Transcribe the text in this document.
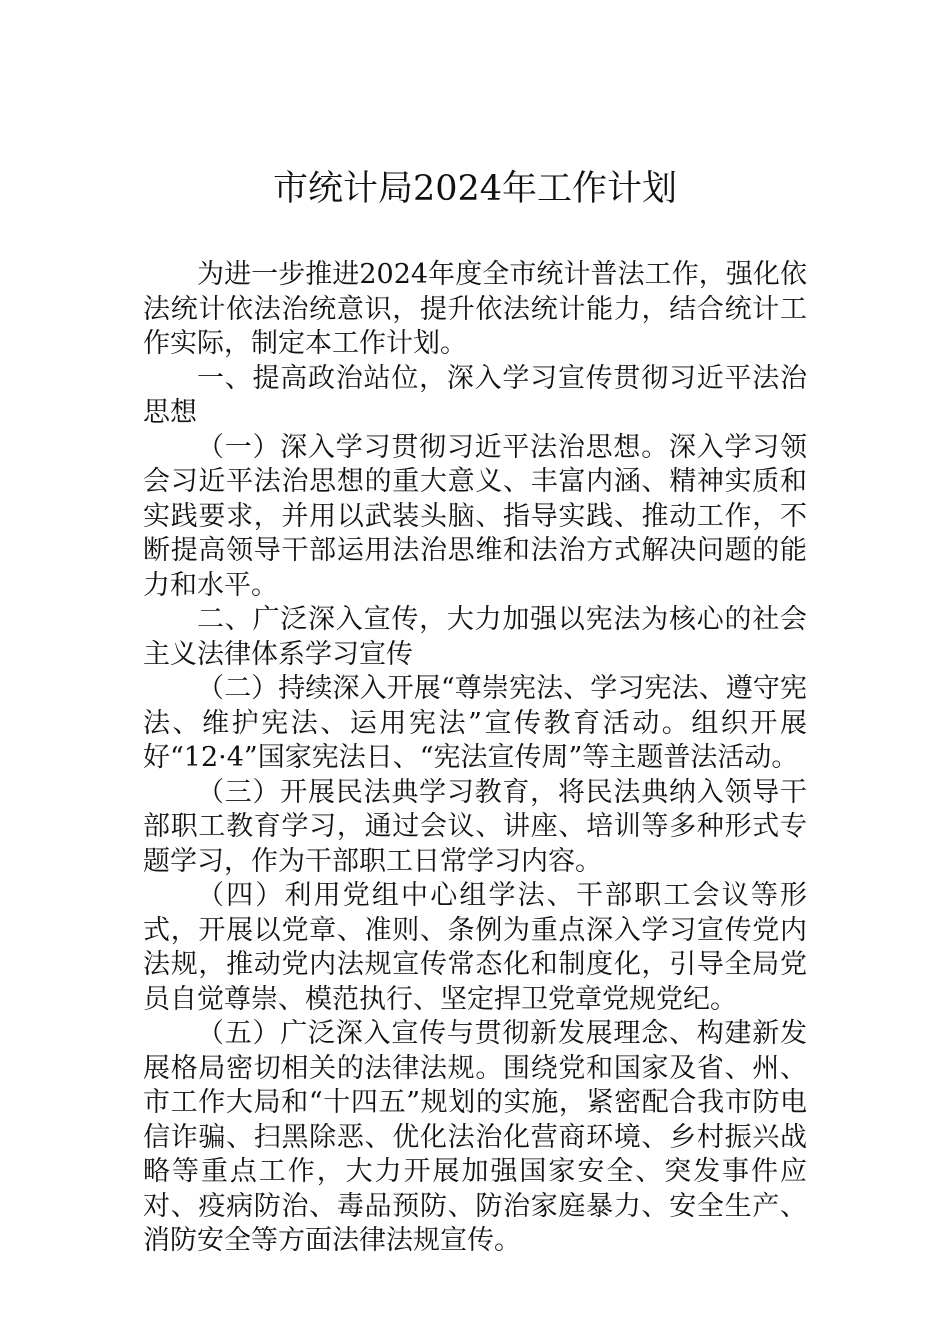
市统计局2024年工作计划

为进一步推进2024年度全市统计普法工作，强化依法统计依法治统意识，提升依法统计能力，结合统计工作实际，制定本工作计划。

一、提高政治站位，深入学习宣传贯彻习近平法治思想

（一）深入学习贯彻习近平法治思想。深入学习领会习近平法治思想的重大意义、丰富内涵、精神实质和实践要求，并用以武装头脑、指导实践、推动工作，不断提高领导干部运用法治思维和法治方式解决问题的能力和水平。

二、广泛深入宣传，大力加强以宪法为核心的社会主义法律体系学习宣传

（二）持续深入开展“尊崇宪法、学习宪法、遵守宪法、维护宪法、运用宪法”宣传教育活动。组织开展好“12·4”国家宪法日、“宪法宣传周”等主题普法活动。

（三）开展民法典学习教育，将民法典纳入领导干部职工教育学习，通过会议、讲座、培训等多种形式专题学习，作为干部职工日常学习内容。

（四）利用党组中心组学法、干部职工会议等形式，开展以党章、准则、条例为重点深入学习宣传党内法规，推动党内法规宣传常态化和制度化，引导全局党员自觉尊崇、模范执行、坚定捍卫党章党规党纪。

（五）广泛深入宣传与贯彻新发展理念、构建新发展格局密切相关的法律法规。围绕党和国家及省、州、市工作大局和“十四五”规划的实施，紧密配合我市防电信诈骗、扫黑除恶、优化法治化营商环境、乡村振兴战略等重点工作，大力开展加强国家安全、突发事件应对、疫病防治、毒品预防、防治家庭暴力、安全生产、消防安全等方面法律法规宣传。
